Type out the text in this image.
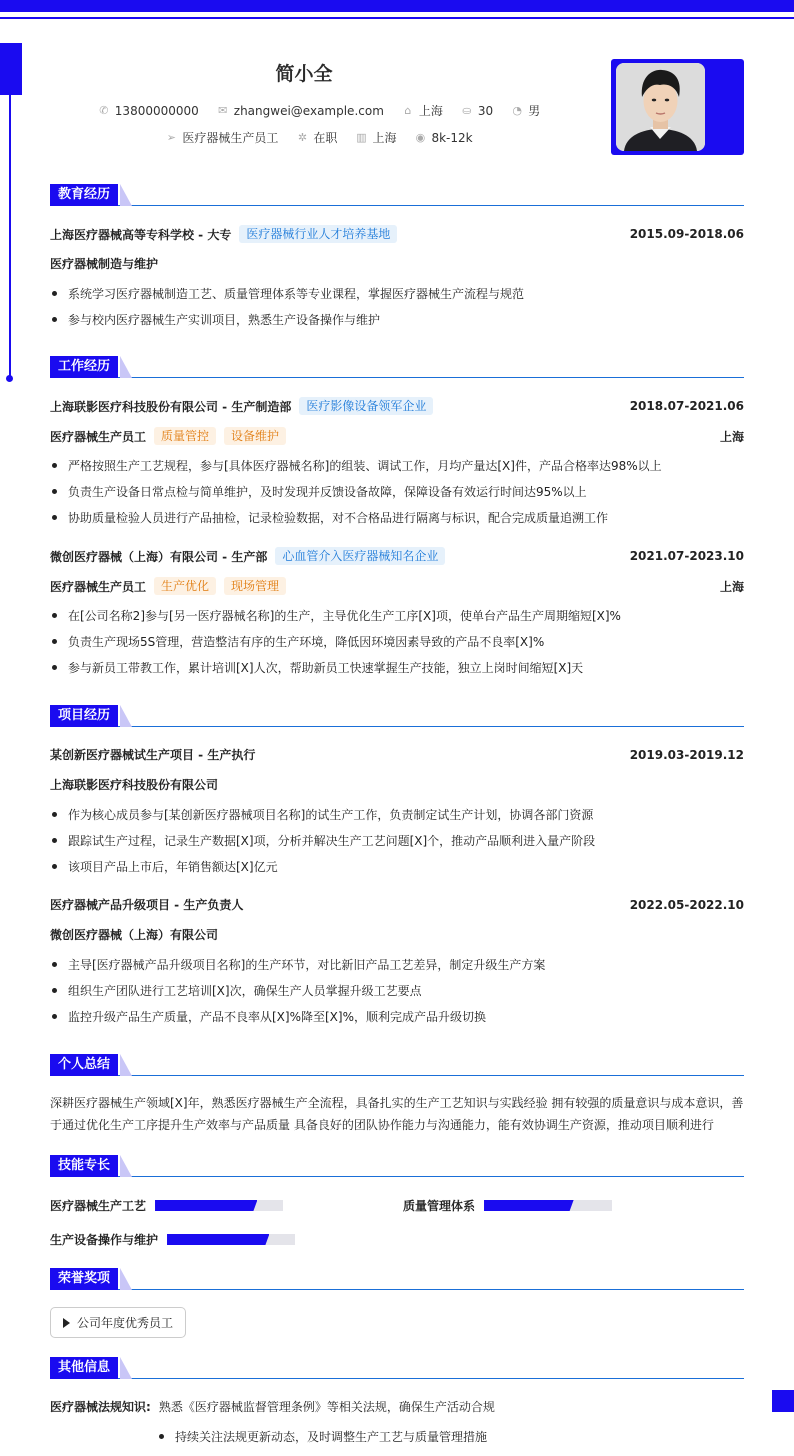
简小全
✆ 13800000000 ✉ zhangwei@example.com ⌂ 上海 ⛀ 30 ◔ 男
➢ 医疗器械生产员工 ✲ 在职 ▥ 上海 ◉ 8k-12k
教育经历
上海医疗器械高等专科学校 - 大专	医疗器械行业人才培养基地	2015.09-2018.06
医疗器械制造与维护
系统学习医疗器械制造工艺、质量管理体系等专业课程，掌握医疗器械生产流程与规范
参与校内医疗器械生产实训项目，熟悉生产设备操作与维护
工作经历
上海联影医疗科技股份有限公司 - 生产制造部	医疗影像设备领军企业	2018.07-2021.06
医疗器械生产员工	质量管控	设备维护	上海
严格按照生产工艺规程，参与[具体医疗器械名称]的组装、调试工作，月均产量达[X]件，产品合格率达98%以上
负责生产设备日常点检与简单维护，及时发现并反馈设备故障，保障设备有效运行时间达95%以上
协助质量检验人员进行产品抽检，记录检验数据，对不合格品进行隔离与标识，配合完成质量追溯工作
微创医疗器械（上海）有限公司 - 生产部	心血管介入医疗器械知名企业	2021.07-2023.10
医疗器械生产员工	生产优化	现场管理	上海
在[公司名称2]参与[另一医疗器械名称]的生产，主导优化生产工序[X]项，使单台产品生产周期缩短[X]%
负责生产现场5S管理，营造整洁有序的生产环境，降低因环境因素导致的产品不良率[X]%
参与新员工带教工作，累计培训[X]人次，帮助新员工快速掌握生产技能，独立上岗时间缩短[X]天
项目经历
某创新医疗器械试生产项目 - 生产执行	2019.03-2019.12
上海联影医疗科技股份有限公司
作为核心成员参与[某创新医疗器械项目名称]的试生产工作，负责制定试生产计划，协调各部门资源
跟踪试生产过程，记录生产数据[X]项，分析并解决生产工艺问题[X]个，推动产品顺利进入量产阶段
该项目产品上市后，年销售额达[X]亿元
医疗器械产品升级项目 - 生产负责人	2022.05-2022.10
微创医疗器械（上海）有限公司
主导[医疗器械产品升级项目名称]的生产环节，对比新旧产品工艺差异，制定升级生产方案
组织生产团队进行工艺培训[X]次，确保生产人员掌握升级工艺要点
监控升级产品生产质量，产品不良率从[X]%降至[X]%，顺利完成产品升级切换
个人总结
深耕医疗器械生产领域[X]年，熟悉医疗器械生产全流程，具备扎实的生产工艺知识与实践经验 拥有较强的质量意识与成本意识，善
于通过优化生产工序提升生产效率与产品质量 具备良好的团队协作能力与沟通能力，能有效协调生产资源，推动项目顺利进行
技能专长
医疗器械生产工艺	质量管理体系
生产设备操作与维护
荣誉奖项
公司年度优秀员工
其他信息
医疗器械法规知识: 熟悉《医疗器械监督管理条例》等相关法规，确保生产活动合规
持续关注法规更新动态，及时调整生产工艺与质量管理措施
